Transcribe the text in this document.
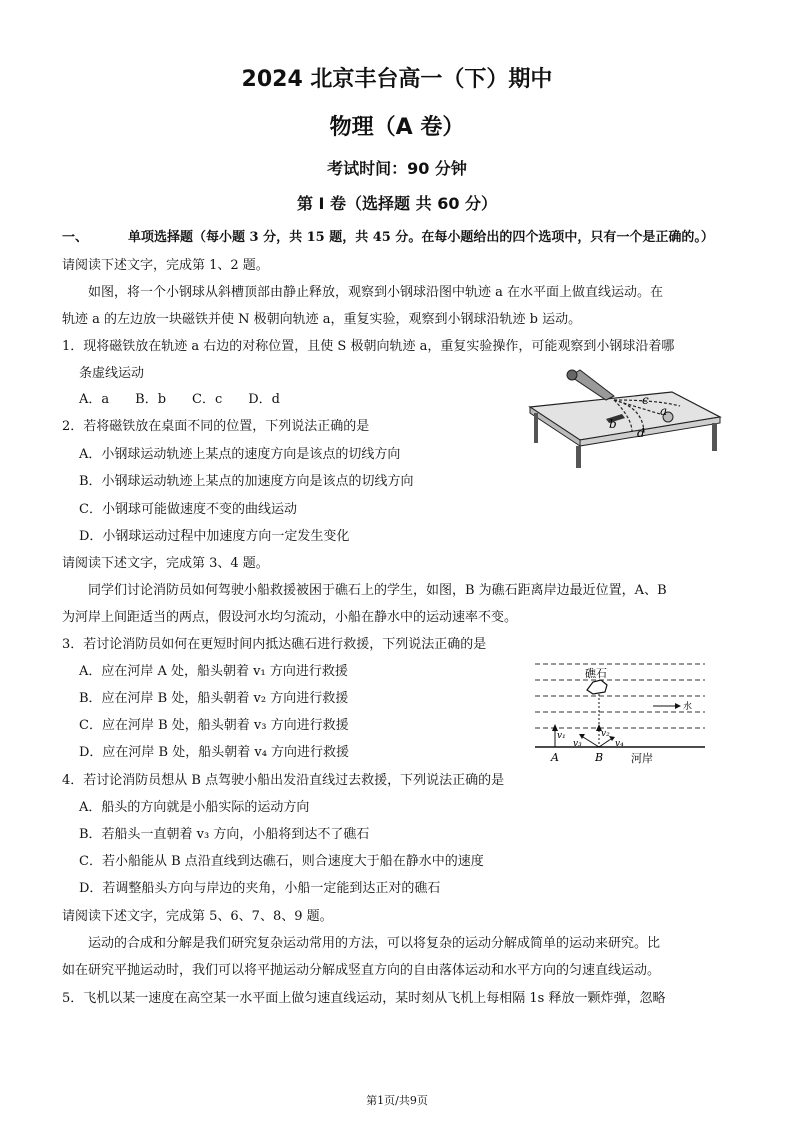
2024 北京丰台高一（下）期中
物理（A 卷）
考试时间：90 分钟
第 I 卷（选择题 共 60 分）
一、	单项选择题（每小题 3 分，共 15 题，共 45 分。在每小题给出的四个选项中，只有一个是正确的。）
请阅读下述文字，完成第 1、2 题。
如图，将一个小钢球从斜槽顶部由静止释放，观察到小钢球沿图中轨迹 a 在水平面上做直线运动。在
轨迹 a 的左边放一块磁铁并使 N 极朝向轨迹 a，重复实验，观察到小钢球沿轨迹 b 运动。
1．现将磁铁放在轨迹 a 右边的对称位置，且使 S 极朝向轨迹 a，重复实验操作，可能观察到小钢球沿着哪
条虚线运动
A．a　　B．b　　C．c　　D．d
2．若将磁铁放在桌面不同的位置，下列说法正确的是
A．小钢球运动轨迹上某点的速度方向是该点的切线方向
B．小钢球运动轨迹上某点的加速度方向是该点的切线方向
C．小钢球可能做速度不变的曲线运动
D．小钢球运动过程中加速度方向一定发生变化
a
b
c
d
请阅读下述文字，完成第 3、4 题。
同学们讨论消防员如何驾驶小船救援被困于礁石上的学生，如图，B 为礁石距离岸边最近位置，A、B
为河岸上间距适当的两点，假设河水均匀流动，小船在静水中的运动速率不变。
3．若讨论消防员如何在更短时间内抵达礁石进行救援，下列说法正确的是
A．应在河岸 A 处，船头朝着 v₁ 方向进行救援
B．应在河岸 B 处，船头朝着 v₂ 方向进行救援
C．应在河岸 B 处，船头朝着 v₃ 方向进行救援
D．应在河岸 B 处，船头朝着 v₄ 方向进行救援
礁石
水
v₁	v₂
v₃	v₄
A	B	河岸
4．若讨论消防员想从 B 点驾驶小船出发沿直线过去救援，下列说法正确的是
A．船头的方向就是小船实际的运动方向
B．若船头一直朝着 v₃ 方向，小船将到达不了礁石
C．若小船能从 B 点沿直线到达礁石，则合速度大于船在静水中的速度
D．若调整船头方向与岸边的夹角，小船一定能到达正对的礁石
请阅读下述文字，完成第 5、6、7、8、9 题。
运动的合成和分解是我们研究复杂运动常用的方法，可以将复杂的运动分解成简单的运动来研究。比
如在研究平抛运动时，我们可以将平抛运动分解成竖直方向的自由落体运动和水平方向的匀速直线运动。
5．飞机以某一速度在高空某一水平面上做匀速直线运动，某时刻从飞机上每相隔 1s 释放一颗炸弹，忽略
第1页/共9页
